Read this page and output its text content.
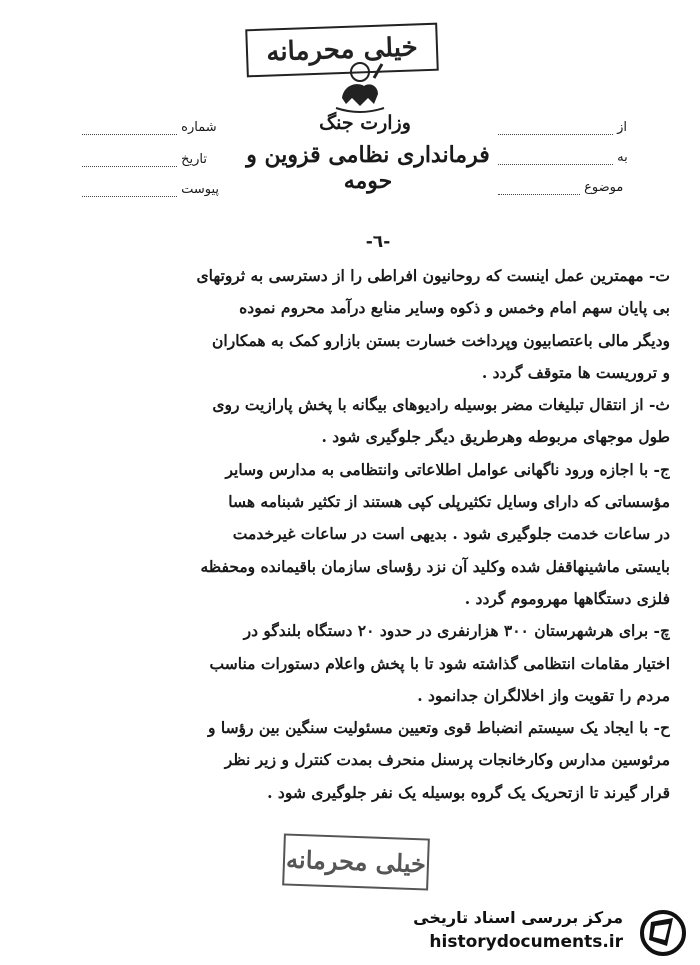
خیلی محرمانه
وزارت جنگ
فرمانداری نظامی قزوین و حومه
شماره
تاریخ
پیوست
از
به
موضوع
-٦-

ت- مهمترین عمل اینست که روحانیون افراطی را از دسترسی به ثروتهای

بی پایان سهم امام وخمس و ذکوه وسایر منابع درآمد محروم نموده

ودیگر مالی باعتصابیون وپرداخت خسارت بستن بازارو کمک به همکاران

و تروریست ها متوقف گردد .

ث- از انتقال تبلیغات مضر بوسیله رادیوهای بیگانه با پخش پارازیت روی

طول موجهای مربوطه وهرطریق دیگر جلوگیری شود .

ج- با اجازه ورود ناگهانی عوامل اطلاعاتی وانتظامی به مدارس وسایر

مؤسساتی که دارای وسایل تکثیرپلی کپی هستند از تکثیر شبنامه هسا

در ساعات خدمت جلوگیری شود . بدیهی است در ساعات غیرخدمت

بایستی ماشینهاقفل شده وکلید آن نزد رؤسای سازمان باقیمانده ومحفظه

فلزی دستگاهها مهروموم گردد .

چ- برای هرشهرستان ٣٠٠ هزارنفری در حدود ٢٠ دستگاه بلندگو در

اختیار مقامات انتظامی گذاشته شود تا با پخش واعلام دستورات مناسب

مردم را تقویت واز اخلالگران جدانمود .

ح- با ایجاد یک سیستم انضباط قوی وتعیین مسئولیت سنگین بین رؤسا و

مرئوسین مدارس وکارخانجات پرسنل منحرف بمدت کنترل و زیر نظر

قرار گیرند تا ازتحریک یک گروه بوسیله یک نفر جلوگیری شود .

خیلی محرمانه
مرکز بررسی اسناد تاریخی
historydocuments.ir
